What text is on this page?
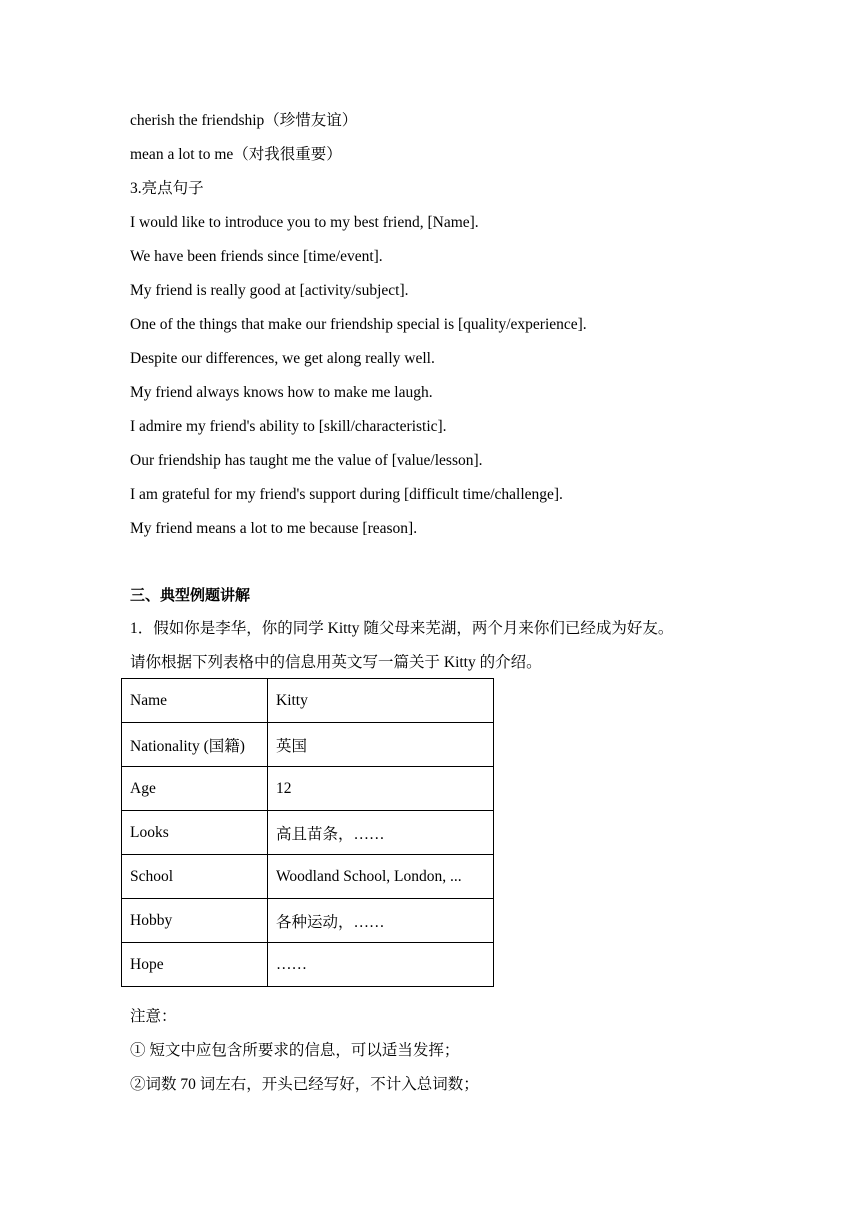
cherish the friendship（珍惜友谊）
mean a lot to me（对我很重要）
3.亮点句子
I would like to introduce you to my best friend, [Name].
We have been friends since [time/event].
My friend is really good at [activity/subject].
One of the things that make our friendship special is [quality/experience].
Despite our differences, we get along really well.
My friend always knows how to make me laugh.
I admire my friend's ability to [skill/characteristic].
Our friendship has taught me the value of [value/lesson].
I am grateful for my friend's support during [difficult time/challenge].
My friend means a lot to me because [reason].
三、典型例题讲解
1．假如你是李华，你的同学 Kitty 随父母来芜湖，两个月来你们已经成为好友。
请你根据下列表格中的信息用英文写一篇关于 Kitty 的介绍。
Name	Kitty
Nationality (国籍)	英国
Age	12
Looks	高且苗条，……
School	Woodland School, London, ...
Hobby	各种运动，……
Hope	……
注意：
① 短文中应包含所要求的信息，可以适当发挥；
②词数 70 词左右，开头已经写好，不计入总词数；
